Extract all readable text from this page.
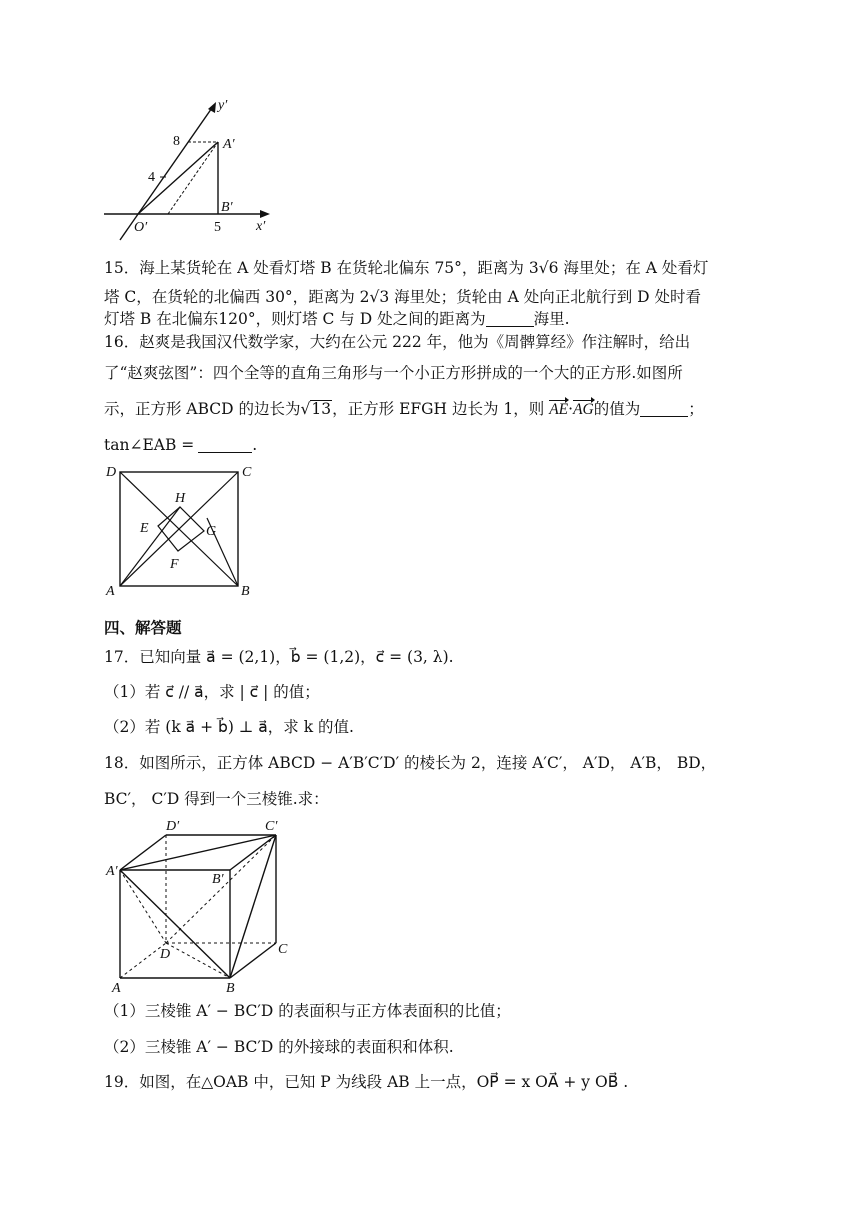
y′
x′
O′
A′
B′
8
4
5
15．海上某货轮在 A 处看灯塔 B 在货轮北偏东 75°，距离为 3√6 海里处；在 A 处看灯
塔 C，在货轮的北偏西 30°，距离为 2√3 海里处；货轮由 A 处向正北航行到 D 处时看
灯塔 B 在北偏东120°，则灯塔 C 与 D 处之间的距离为	海里.
16．赵爽是我国汉代数学家，大约在公元 222 年，他为《周髀算经》作注解时，给出
了“赵爽弦图”：四个全等的直角三角形与一个小正方形拼成的一个大的正方形.如图所
示，正方形 ABCD 的边长为√13，正方形 EFGH 边长为 1，则 AE·AG的值为	；
tan∠EAB =	.
D	C
A	B
H
E	G
F
四、解答题
17．已知向量 a⃗ = (2,1)，b⃗ = (1,2)，c⃗ = (3, λ).
（1）若 c⃗ // a⃗，求 | c⃗ | 的值；
（2）若 (k a⃗ + b⃗) ⊥ a⃗，求 k 的值.
18．如图所示，正方体 ABCD − A′B′C′D′ 的棱长为 2，连接 A′C′， A′D， A′B， BD，
BC′， C′D 得到一个三棱锥.求：
D′	C′
A′
B′
C
D
A	B
（1）三棱锥 A′ − BC′D 的表面积与正方体表面积的比值；
（2）三棱锥 A′ − BC′D 的外接球的表面积和体积.
19．如图，在△OAB 中，已知 P 为线段 AB 上一点，OP⃗ = x OA⃗ + y OB⃗ .
